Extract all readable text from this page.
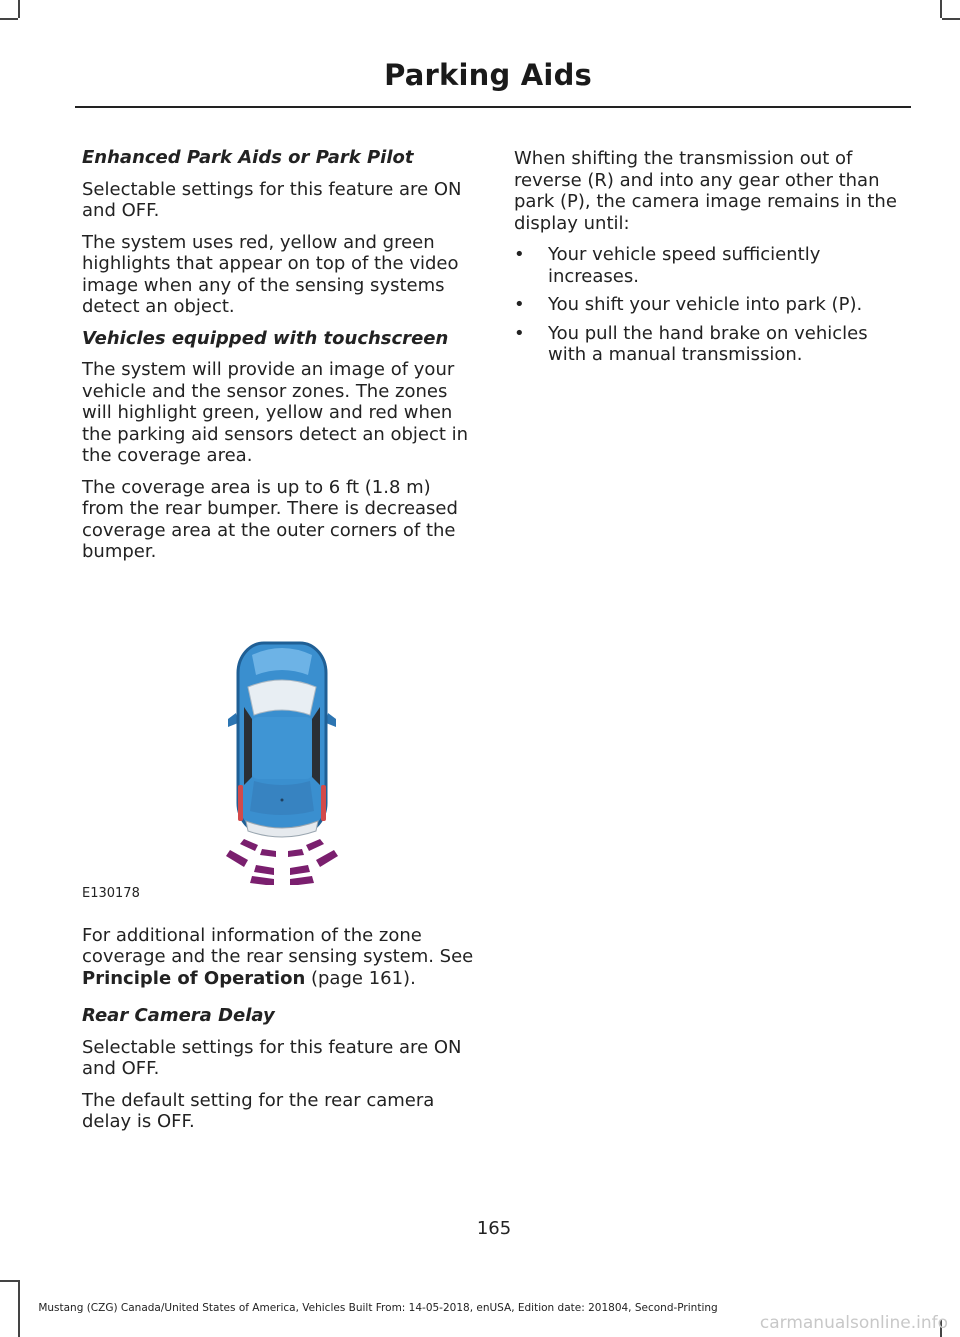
Parking Aids

Enhanced Park Aids or Park Pilot

Selectable settings for this feature are ON and OFF.

The system uses red, yellow and green highlights that appear on top of the video image when any of the sensing systems detect an object.

Vehicles equipped with touchscreen

The system will provide an image of your vehicle and the sensor zones. The zones will highlight green, yellow and red when the parking aid sensors detect an object in the coverage area.

The coverage area is up to 6 ft (1.8 m) from the rear bumper. There is decreased coverage area at the outer corners of the bumper.

E130178

For additional information of the zone coverage and the rear sensing system. See Principle of Operation (page 161).

Rear Camera Delay

Selectable settings for this feature are ON and OFF.

The default setting for the rear camera delay is OFF.

When shifting the transmission out of reverse (R) and into any gear other than park (P), the camera image remains in the display until:

• Your vehicle speed sufficiently increases.
• You shift your vehicle into park (P).
• You pull the hand brake on vehicles with a manual transmission.
165
Mustang (CZG) Canada/United States of America, Vehicles Built From: 14-05-2018, enUSA, Edition date: 201804, Second-Printing
carmanualsonline.info
